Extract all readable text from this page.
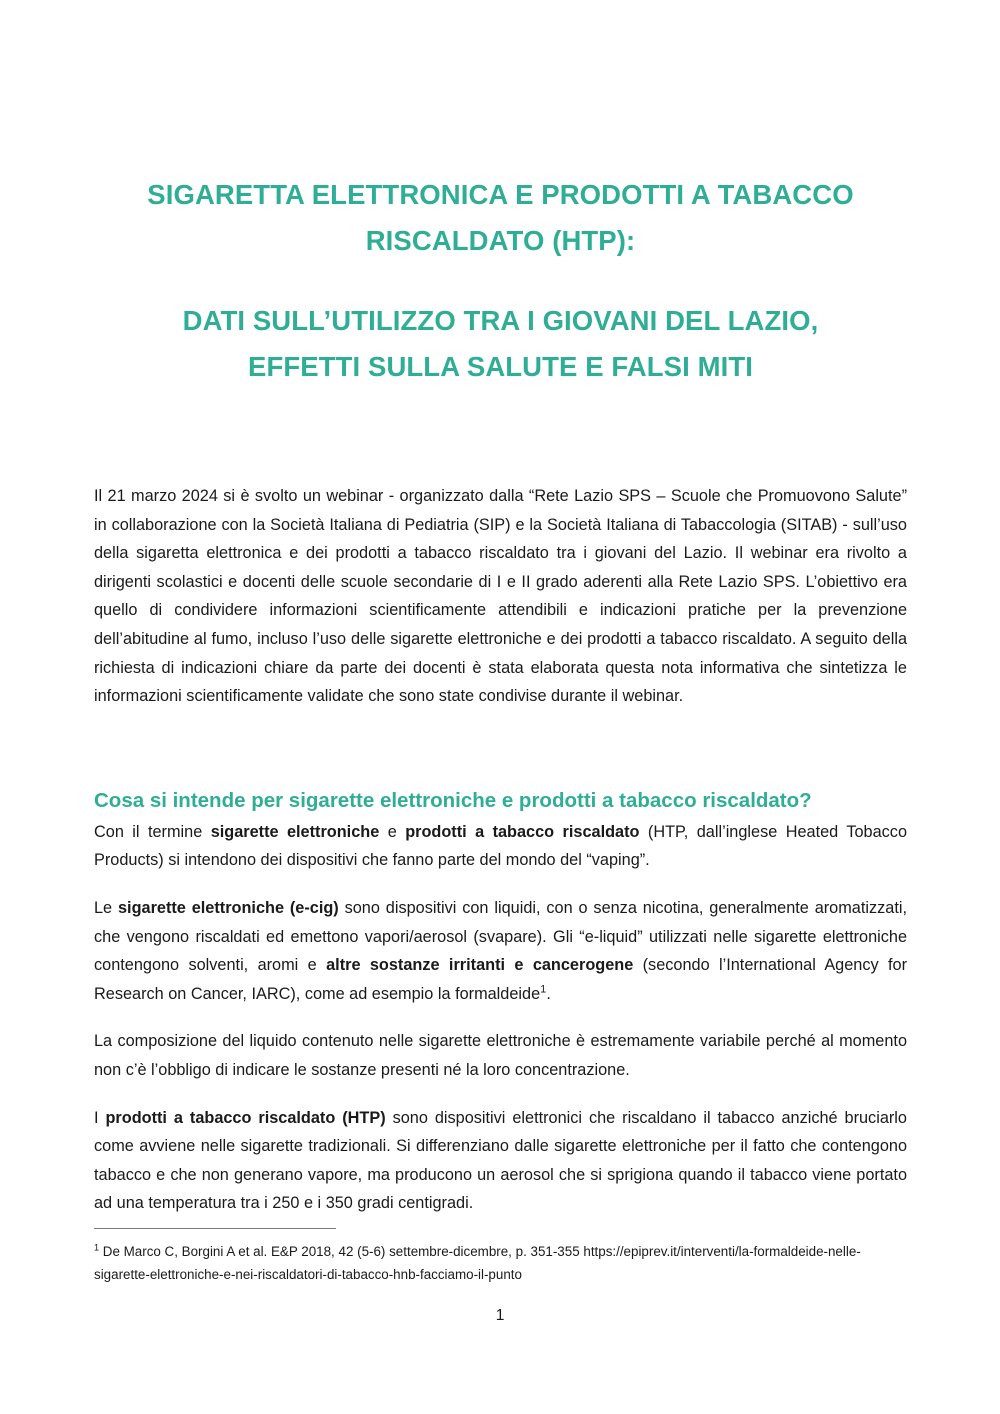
SIGARETTA ELETTRONICA E PRODOTTI A TABACCO
RISCALDATO (HTP):
DATI SULL’UTILIZZO TRA I GIOVANI DEL LAZIO,
EFFETTI SULLA SALUTE E FALSI MITI

Il 21 marzo 2024 si è svolto un webinar - organizzato dalla “Rete Lazio SPS – Scuole che Promuovono Salute” in collaborazione con la Società Italiana di Pediatria (SIP) e la Società Italiana di Tabaccologia (SITAB) - sull’uso della sigaretta elettronica e dei prodotti a tabacco riscaldato tra i giovani del Lazio. Il webinar era rivolto a dirigenti scolastici e docenti delle scuole secondarie di I e II grado aderenti alla Rete Lazio SPS. L’obiettivo era quello di condividere informazioni scientificamente attendibili e indicazioni pratiche per la prevenzione dell’abitudine al fumo, incluso l’uso delle sigarette elettroniche e dei prodotti a tabacco riscaldato. A seguito della richiesta di indicazioni chiare da parte dei docenti è stata elaborata questa nota informativa che sintetizza le informazioni scientificamente validate che sono state condivise durante il webinar.

Cosa si intende per sigarette elettroniche e prodotti a tabacco riscaldato?

Con il termine sigarette elettroniche e prodotti a tabacco riscaldato (HTP, dall’inglese Heated Tobacco Products) si intendono dei dispositivi che fanno parte del mondo del “vaping”.

Le sigarette elettroniche (e-cig) sono dispositivi con liquidi, con o senza nicotina, generalmente aromatizzati, che vengono riscaldati ed emettono vapori/aerosol (svapare). Gli “e-liquid” utilizzati nelle sigarette elettroniche contengono solventi, aromi e altre sostanze irritanti e cancerogene (secondo l’International Agency for Research on Cancer, IARC), come ad esempio la formaldeide$^1$.

La composizione del liquido contenuto nelle sigarette elettroniche è estremamente variabile perché al momento non c’è l’obbligo di indicare le sostanze presenti né la loro concentrazione.

I prodotti a tabacco riscaldato (HTP) sono dispositivi elettronici che riscaldano il tabacco anziché bruciarlo come avviene nelle sigarette tradizionali. Si differenziano dalle sigarette elettroniche per il fatto che contengono tabacco e che non generano vapore, ma producono un aerosol che si sprigiona quando il tabacco viene portato ad una temperatura tra i 250 e i 350 gradi centigradi.

$^1$ De Marco C, Borgini A et al. E&P 2018, 42 (5-6) settembre-dicembre, p. 351-355 https://epiprev.it/interventi/la-formaldeide-nelle-sigarette-elettroniche-e-nei-riscaldatori-di-tabacco-hnb-facciamo-il-punto

1
